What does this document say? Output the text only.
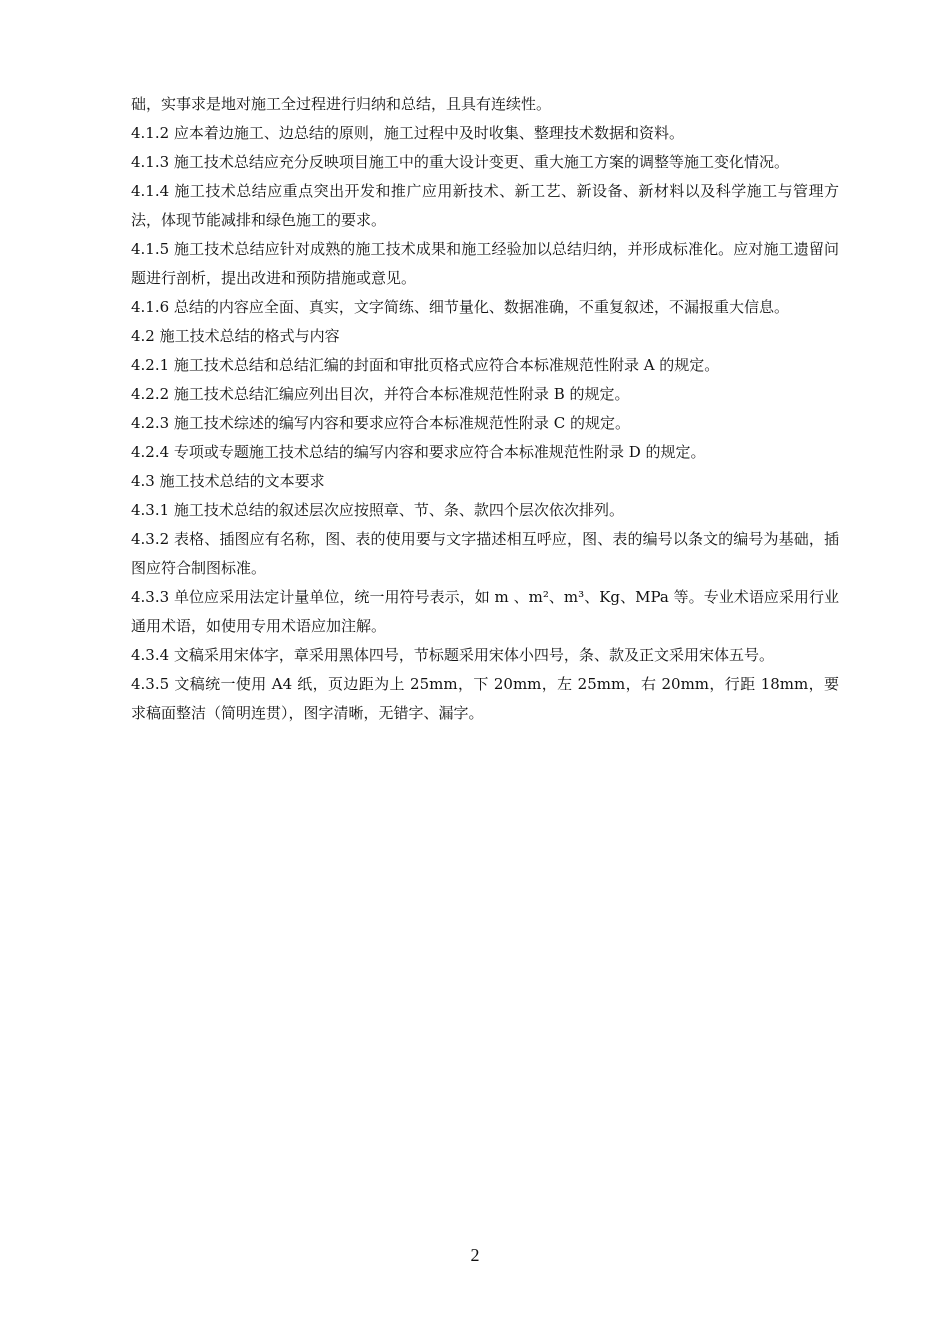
础，实事求是地对施工全过程进行归纳和总结，且具有连续性。

4.1.2 应本着边施工、边总结的原则，施工过程中及时收集、整理技术数据和资料。

4.1.3 施工技术总结应充分反映项目施工中的重大设计变更、重大施工方案的调整等施工变化情况。

4.1.4 施工技术总结应重点突出开发和推广应用新技术、新工艺、新设备、新材料以及科学施工与管理方法，体现节能减排和绿色施工的要求。

4.1.5 施工技术总结应针对成熟的施工技术成果和施工经验加以总结归纳，并形成标准化。应对施工遗留问题进行剖析，提出改进和预防措施或意见。

4.1.6 总结的内容应全面、真实，文字简练、细节量化、数据准确，不重复叙述，不漏报重大信息。

4.2 施工技术总结的格式与内容

4.2.1 施工技术总结和总结汇编的封面和审批页格式应符合本标准规范性附录 A 的规定。

4.2.2 施工技术总结汇编应列出目次，并符合本标准规范性附录 B 的规定。

4.2.3 施工技术综述的编写内容和要求应符合本标准规范性附录 C 的规定。

4.2.4 专项或专题施工技术总结的编写内容和要求应符合本标准规范性附录 D 的规定。

4.3 施工技术总结的文本要求

4.3.1 施工技术总结的叙述层次应按照章、节、条、款四个层次依次排列。

4.3.2 表格、插图应有名称，图、表的使用要与文字描述相互呼应，图、表的编号以条文的编号为基础，插图应符合制图标准。

4.3.3 单位应采用法定计量单位，统一用符号表示，如 m 、m²、m³、Kg、MPa 等。专业术语应采用行业通用术语，如使用专用术语应加注解。

4.3.4 文稿采用宋体字，章采用黑体四号，节标题采用宋体小四号，条、款及正文采用宋体五号。

4.3.5 文稿统一使用 A4 纸，页边距为上 25mm，下 20mm，左 25mm，右 20mm，行距 18mm，要求稿面整洁（简明连贯），图字清晰，无错字、漏字。

2
